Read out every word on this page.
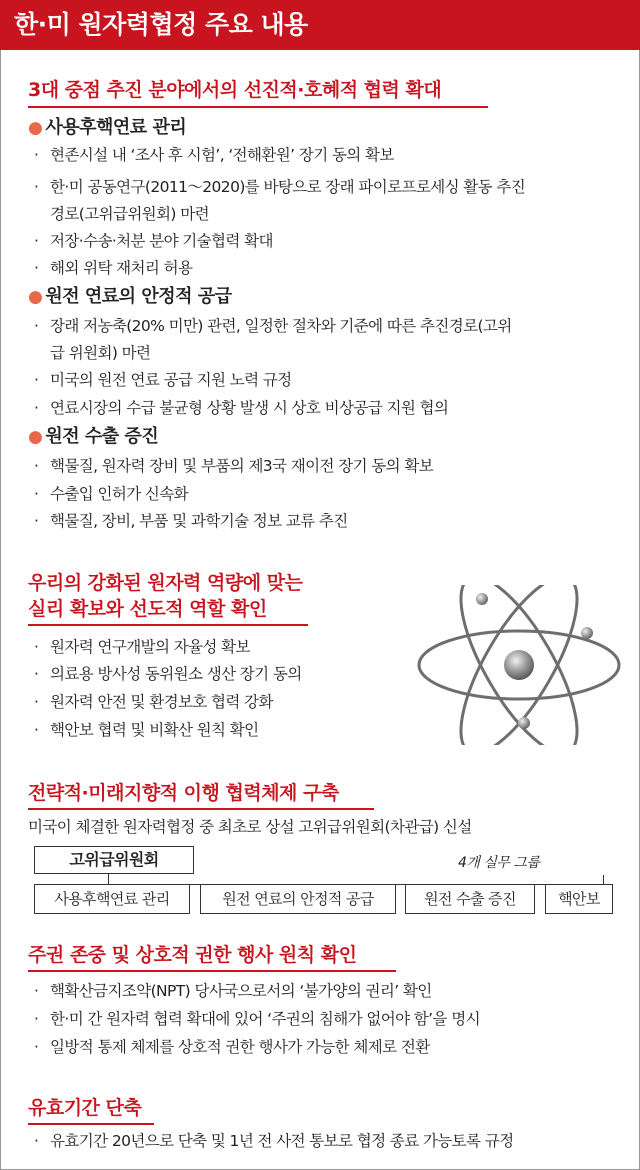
한·미 원자력협정 주요 내용
3대 중점 추진 분야에서의 선진적·호혜적 협력 확대
● 사용후핵연료 관리
· 현존시설 내 ‘조사 후 시험’, ‘전해환원’ 장기 동의 확보
· 한·미 공동연구(2011～2020)를 바탕으로 장래 파이로프로세싱 활동 추진
경로(고위급위원회) 마련
· 저장·수송·처분 분야 기술협력 확대
· 해외 위탁 재처리 허용
● 원전 연료의 안정적 공급
· 장래 저농축(20% 미만) 관련, 일정한 절차와 기준에 따른 추진경로(고위
급 위원회) 마련
· 미국의 원전 연료 공급 지원 노력 규정
· 연료시장의 수급 불균형 상황 발생 시 상호 비상공급 지원 협의
● 원전 수출 증진
· 핵물질, 원자력 장비 및 부품의 제3국 재이전 장기 동의 확보
· 수출입 인허가 신속화
· 핵물질, 장비, 부품 및 과학기술 정보 교류 추진
우리의 강화된 원자력 역량에 맞는
실리 확보와 선도적 역할 확인
· 원자력 연구개발의 자율성 확보
· 의료용 방사성 동위원소 생산 장기 동의
· 원자력 안전 및 환경보호 협력 강화
· 핵안보 협력 및 비확산 원칙 확인
전략적·미래지향적 이행 협력체제 구축
미국이 체결한 원자력협정 중 최초로 상설 고위급위원회(차관급) 신설
고위급위원회	4개 실무 그룹
사용후핵연료 관리	원전 연료의 안정적 공급	원전 수출 증진	핵안보
주권 존중 및 상호적 권한 행사 원칙 확인
· 핵확산금지조약(NPT) 당사국으로서의 ‘불가양의 권리’ 확인
· 한·미 간 원자력 협력 확대에 있어 ‘주권의 침해가 없어야 함’을 명시
· 일방적 통제 체제를 상호적 권한 행사가 가능한 체제로 전환
유효기간 단축
· 유효기간 20년으로 단축 및 1년 전 사전 통보로 협정 종료 가능토록 규정
